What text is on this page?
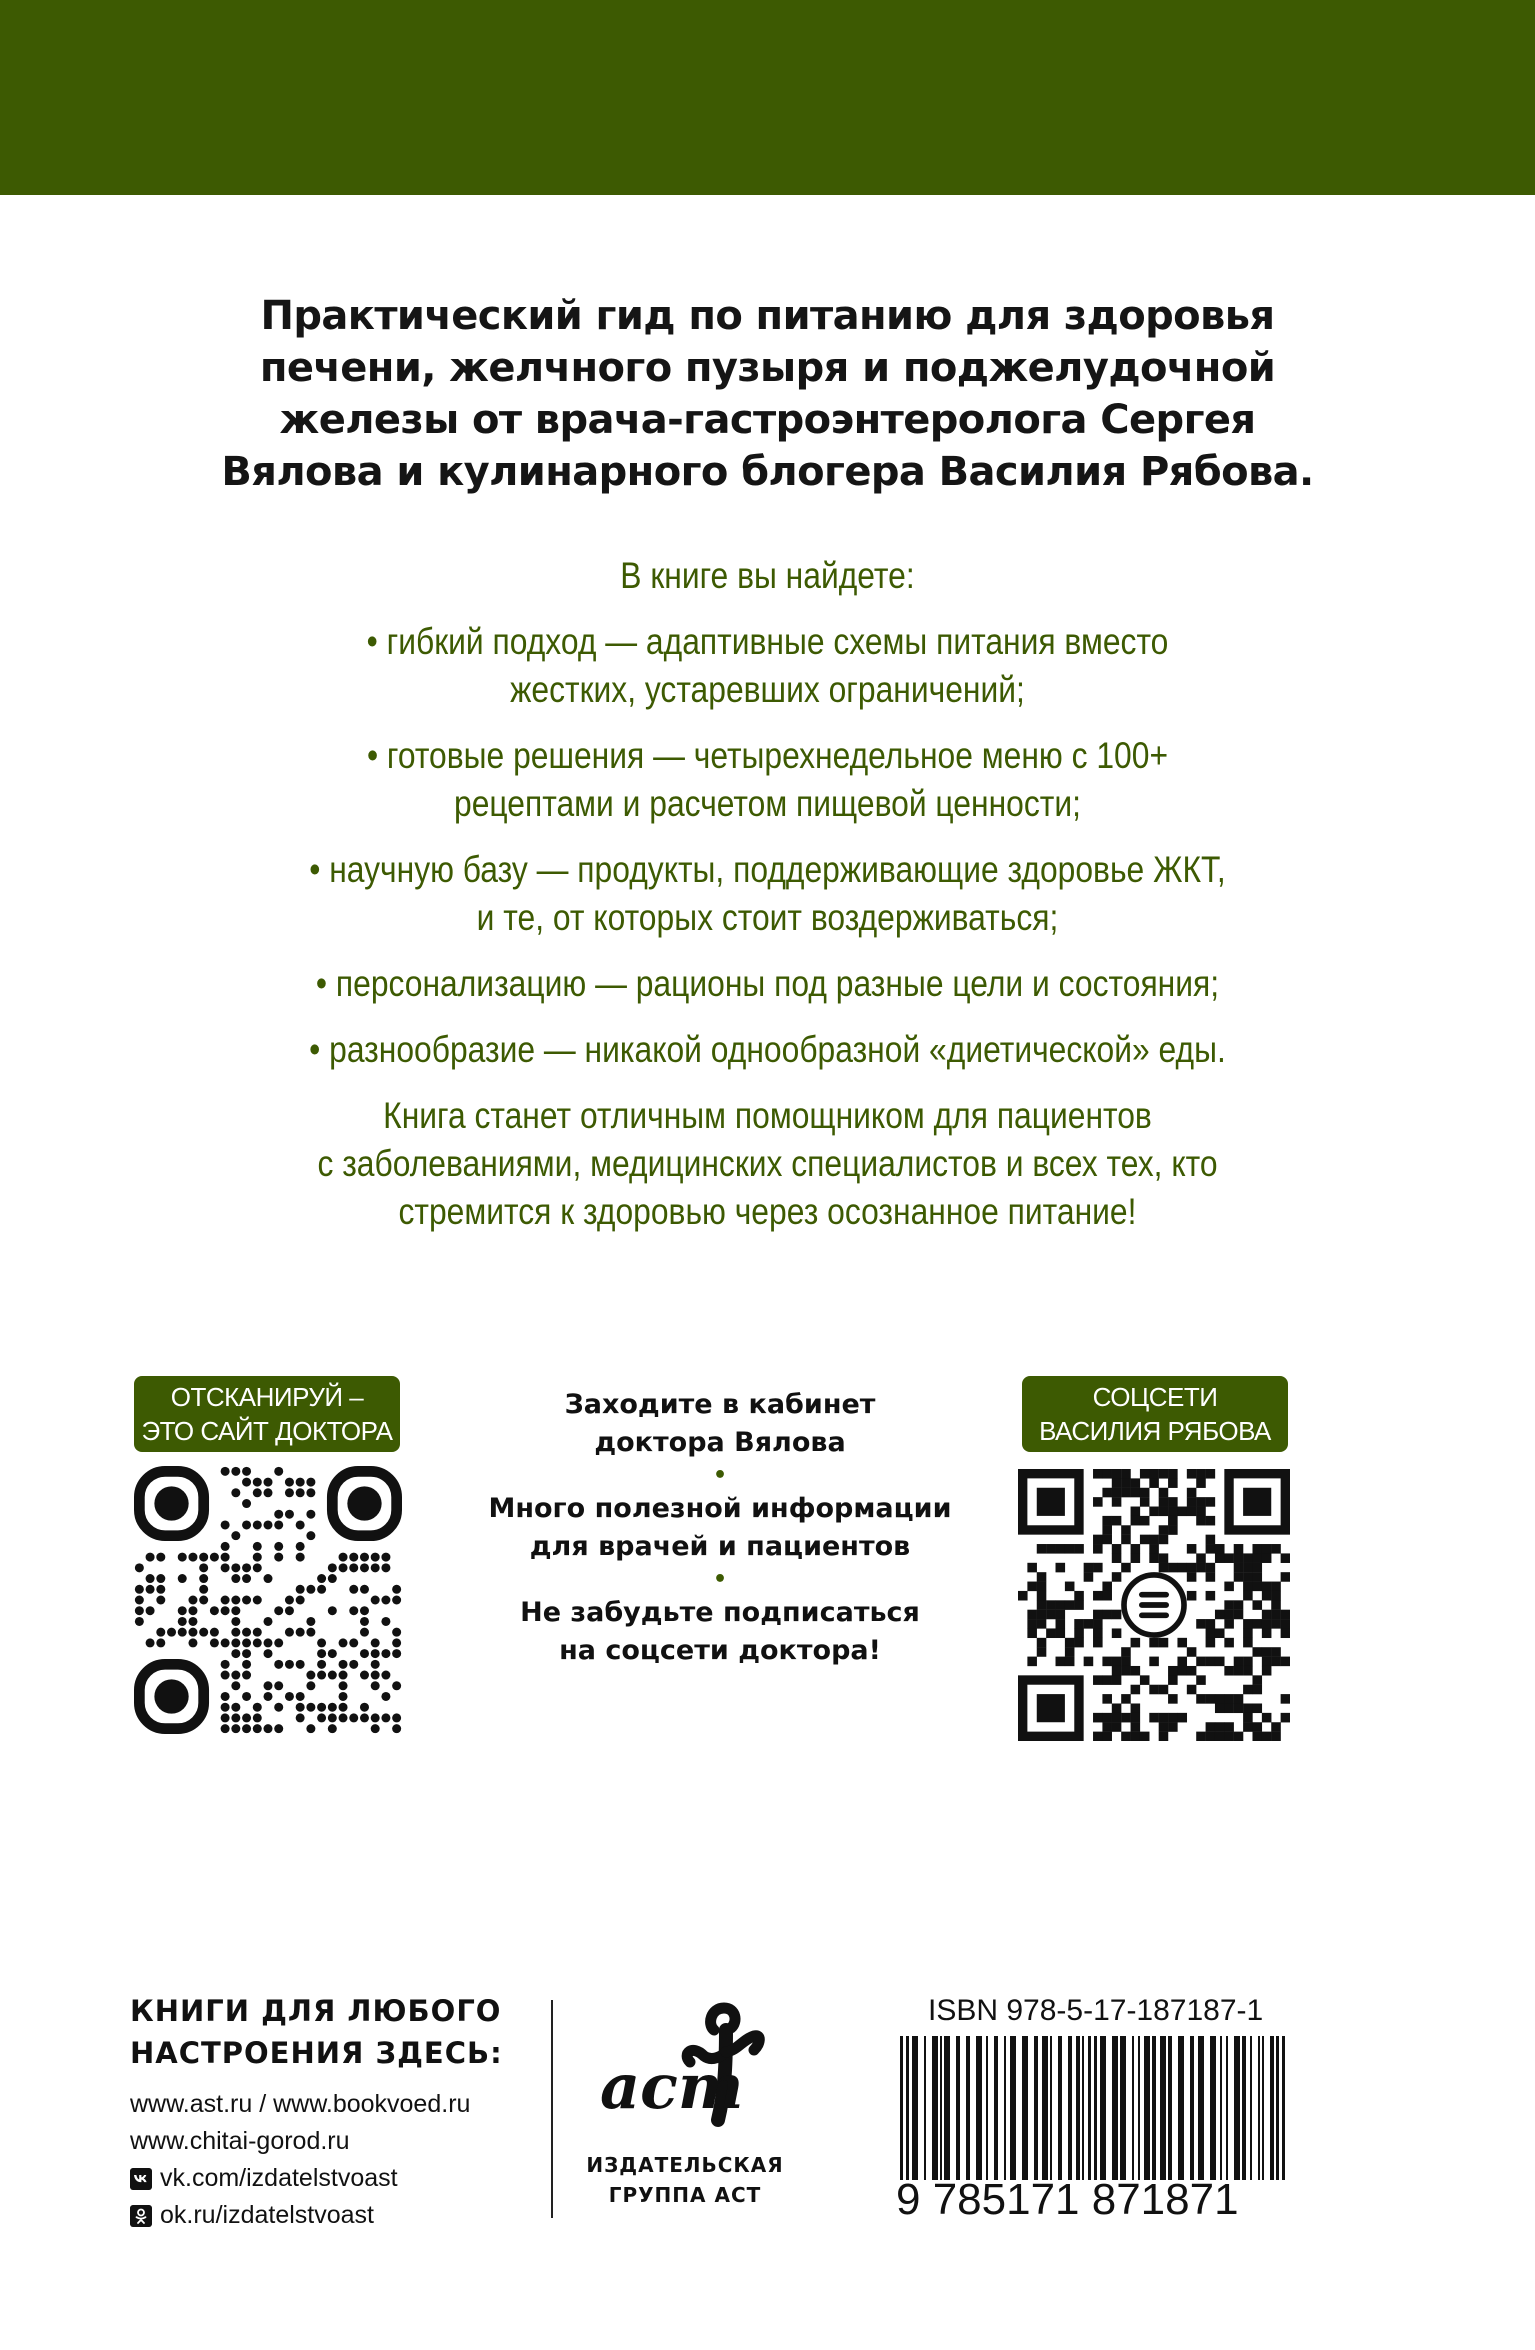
Практический гид по питанию для здоровья
печени, желчного пузыря и поджелудочной
железы от врача-гастроэнтеролога Сергея
Вялова и кулинарного блогера Василия Рябова.

В книге вы найдете:

• гибкий подход — адаптивные схемы питания вместо
жестких, устаревших ограничений;

• готовые решения — четырехнедельное меню с 100+
рецептами и расчетом пищевой ценности;

• научную базу — продукты, поддерживающие здоровье ЖКТ,
и те, от которых стоит воздерживаться;

• персонализацию — рационы под разные цели и состояния;

• разнообразие — никакой однообразной «диетической» еды.

Книга станет отличным помощником для пациентов
с заболеваниями, медицинских специалистов и всех тех, кто
стремится к здоровью через осознанное питание!

ОТСКАНИРУЙ –
ЭТО САЙТ ДОКТОРА
Заходите в кабинет
доктора Вялова
•
Много полезной информации
для врачей и пациентов
•
Не забудьте подписаться
на соцсети доктора!
СОЦСЕТИ
ВАСИЛИЯ РЯБОВА
КНИГИ ДЛЯ ЛЮБОГО
НАСТРОЕНИЯ ЗДЕСЬ:
www.ast.ru / www.bookvoed.ru
www.chitai-gorod.ru
vk.com/izdatelstvoast
ok.ru/izdatelstvoast
аст
ИЗДАТЕЛЬСКАЯ
ГРУППА АСТ
ISBN 978-5-17-187187-1
9 785171 871871
